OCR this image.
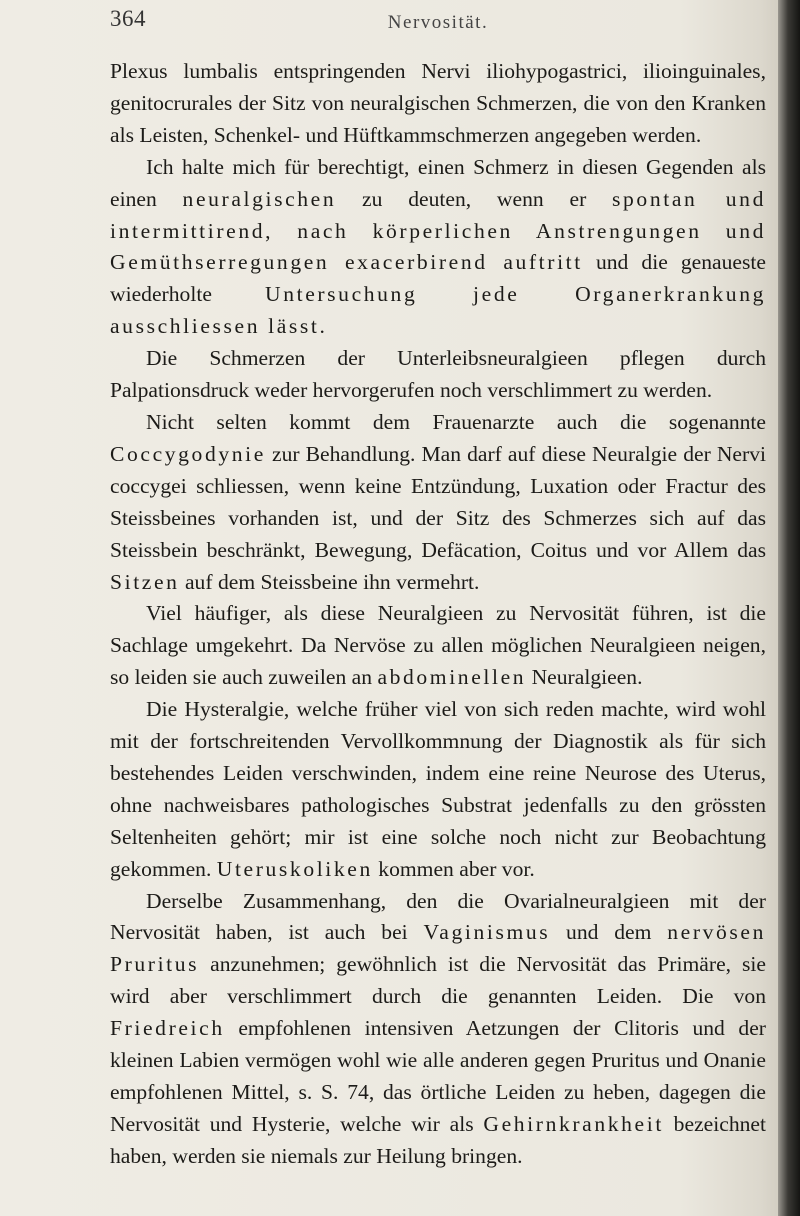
364	Nervosität.

Plexus lumbalis entspringenden Nervi iliohypogastrici, ilioinguinales, genitocrurales der Sitz von neuralgischen Schmerzen, die von den Kranken als Leisten, Schenkel- und Hüftkammschmerzen angegeben werden.

Ich halte mich für berechtigt, einen Schmerz in diesen Gegenden als einen neuralgischen zu deuten, wenn er spontan und intermittirend, nach körperlichen Anstrengungen und Gemüthserregungen exacerbirend auftritt und die genaueste wiederholte Untersuchung jede Organerkrankung ausschliessen lässt.

Die Schmerzen der Unterleibsneuralgieen pflegen durch Palpationsdruck weder hervorgerufen noch verschlimmert zu werden.

Nicht selten kommt dem Frauenarzte auch die sogenannte Coccygodynie zur Behandlung. Man darf auf diese Neuralgie der Nervi coccygei schliessen, wenn keine Entzündung, Luxation oder Fractur des Steissbeines vorhanden ist, und der Sitz des Schmerzes sich auf das Steissbein beschränkt, Bewegung, Defäcation, Coitus und vor Allem das Sitzen auf dem Steissbeine ihn vermehrt.

Viel häufiger, als diese Neuralgieen zu Nervosität führen, ist die Sachlage umgekehrt. Da Nervöse zu allen möglichen Neuralgieen neigen, so leiden sie auch zuweilen an abdominellen Neuralgieen.

Die Hysteralgie, welche früher viel von sich reden machte, wird wohl mit der fortschreitenden Vervollkommnung der Diagnostik als für sich bestehendes Leiden verschwinden, indem eine reine Neurose des Uterus, ohne nachweisbares pathologisches Substrat jedenfalls zu den grössten Seltenheiten gehört; mir ist eine solche noch nicht zur Beobachtung gekommen. Uteruskoliken kommen aber vor.

Derselbe Zusammenhang, den die Ovarialneuralgieen mit der Nervosität haben, ist auch bei Vaginismus und dem nervösen Pruritus anzunehmen; gewöhnlich ist die Nervosität das Primäre, sie wird aber verschlimmert durch die genannten Leiden. Die von Friedreich empfohlenen intensiven Aetzungen der Clitoris und der kleinen Labien vermögen wohl wie alle anderen gegen Pruritus und Onanie empfohlenen Mittel, s. S. 74, das örtliche Leiden zu heben, dagegen die Nervosität und Hysterie, welche wir als Gehirnkrankheit bezeichnet haben, werden sie niemals zur Heilung bringen.
